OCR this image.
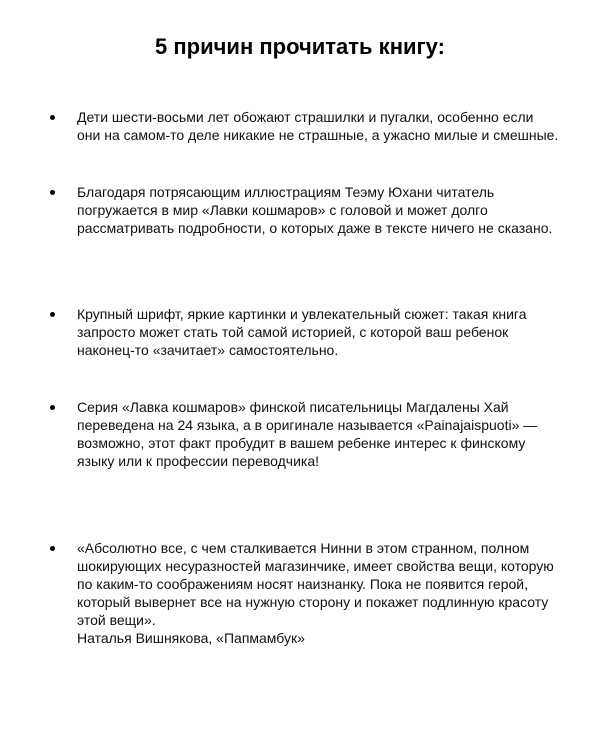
5 причин прочитать книгу:
Дети шести-восьми лет обожают страшилки и пугалки, особенно если
они на самом-то деле никакие не страшные, а ужасно милые и смешные.
Благодаря потрясающим иллюстрациям Теэму Юхани читатель
погружается в мир «Лавки кошмаров» с головой и может долго
рассматривать подробности, о которых даже в тексте ничего не сказано.
Крупный шрифт, яркие картинки и увлекательный сюжет: такая книга
запросто может стать той самой историей, с которой ваш ребенок
наконец-то «зачитает» самостоятельно.
Серия «Лавка кошмаров» финской писательницы Магдалены Хай
переведена на 24 языка, а в оригинале называется «Painajaispuoti» —
возможно, этот факт пробудит в вашем ребенке интерес к финскому
языку или к профессии переводчика!
«Абсолютно все, с чем сталкивается Нинни в этом странном, полном
шокирующих несуразностей магазинчике, имеет свойства вещи, которую
по каким-то соображениям носят наизнанку. Пока не появится герой,
который вывернет все на нужную сторону и покажет подлинную красоту
этой вещи».
Наталья Вишнякова, «Папмамбук»
